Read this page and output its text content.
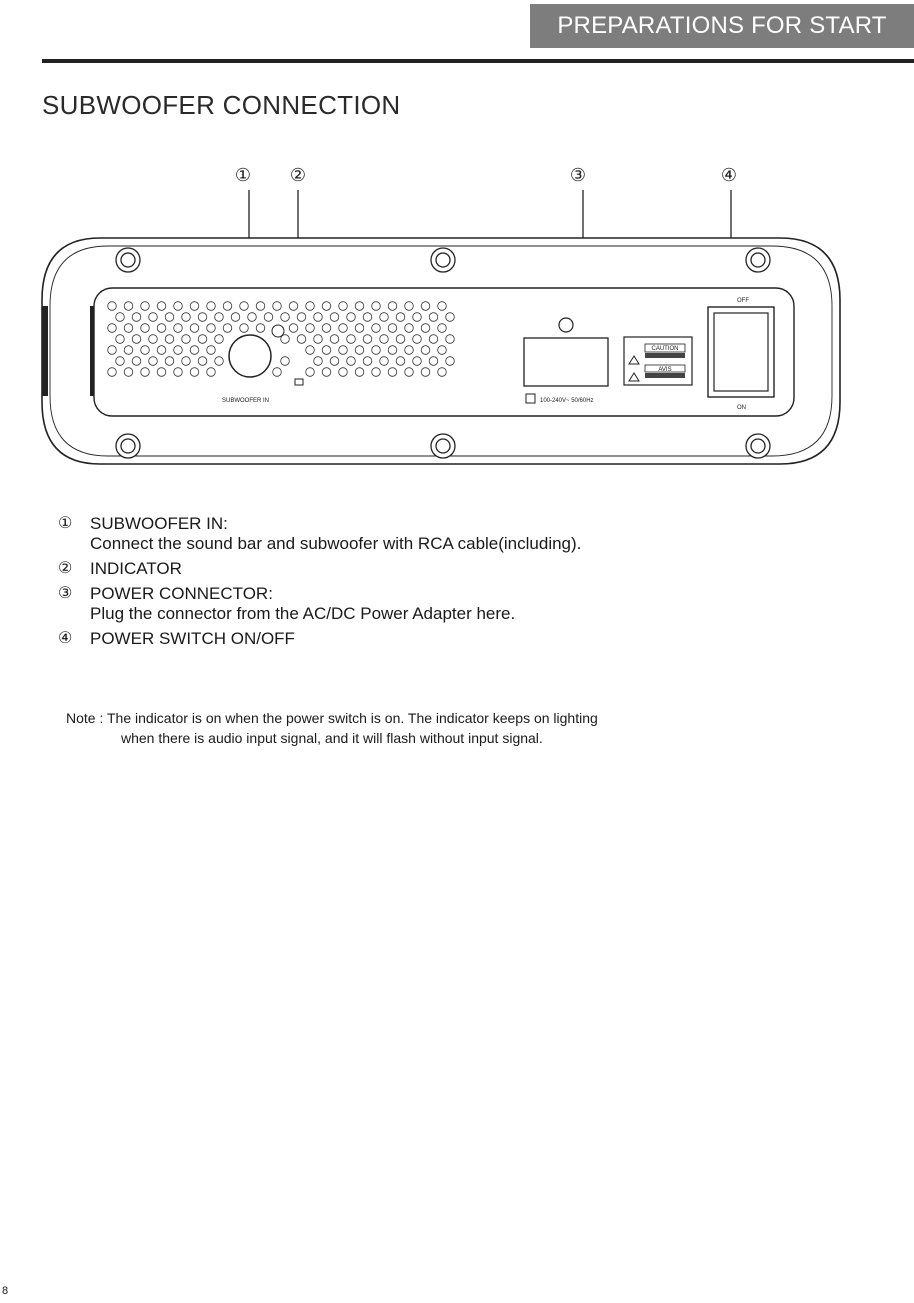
PREPARATIONS FOR START
SUBWOOFER CONNECTION
① ②	③	④
SUBWOOFER IN	100-240V~ 50/60Hz
CAUTION
AVIS
OFF
ON
① SUBWOOFER IN:
Connect the sound bar and subwoofer with RCA cable(including).
② INDICATOR
③ POWER CONNECTOR:
Plug the connector from the AC/DC Power Adapter here.
④ POWER SWITCH ON/OFF
Note : The indicator is on when the power switch is on. The indicator keeps on lighting
when there is audio input signal, and it will flash without input signal.
8
